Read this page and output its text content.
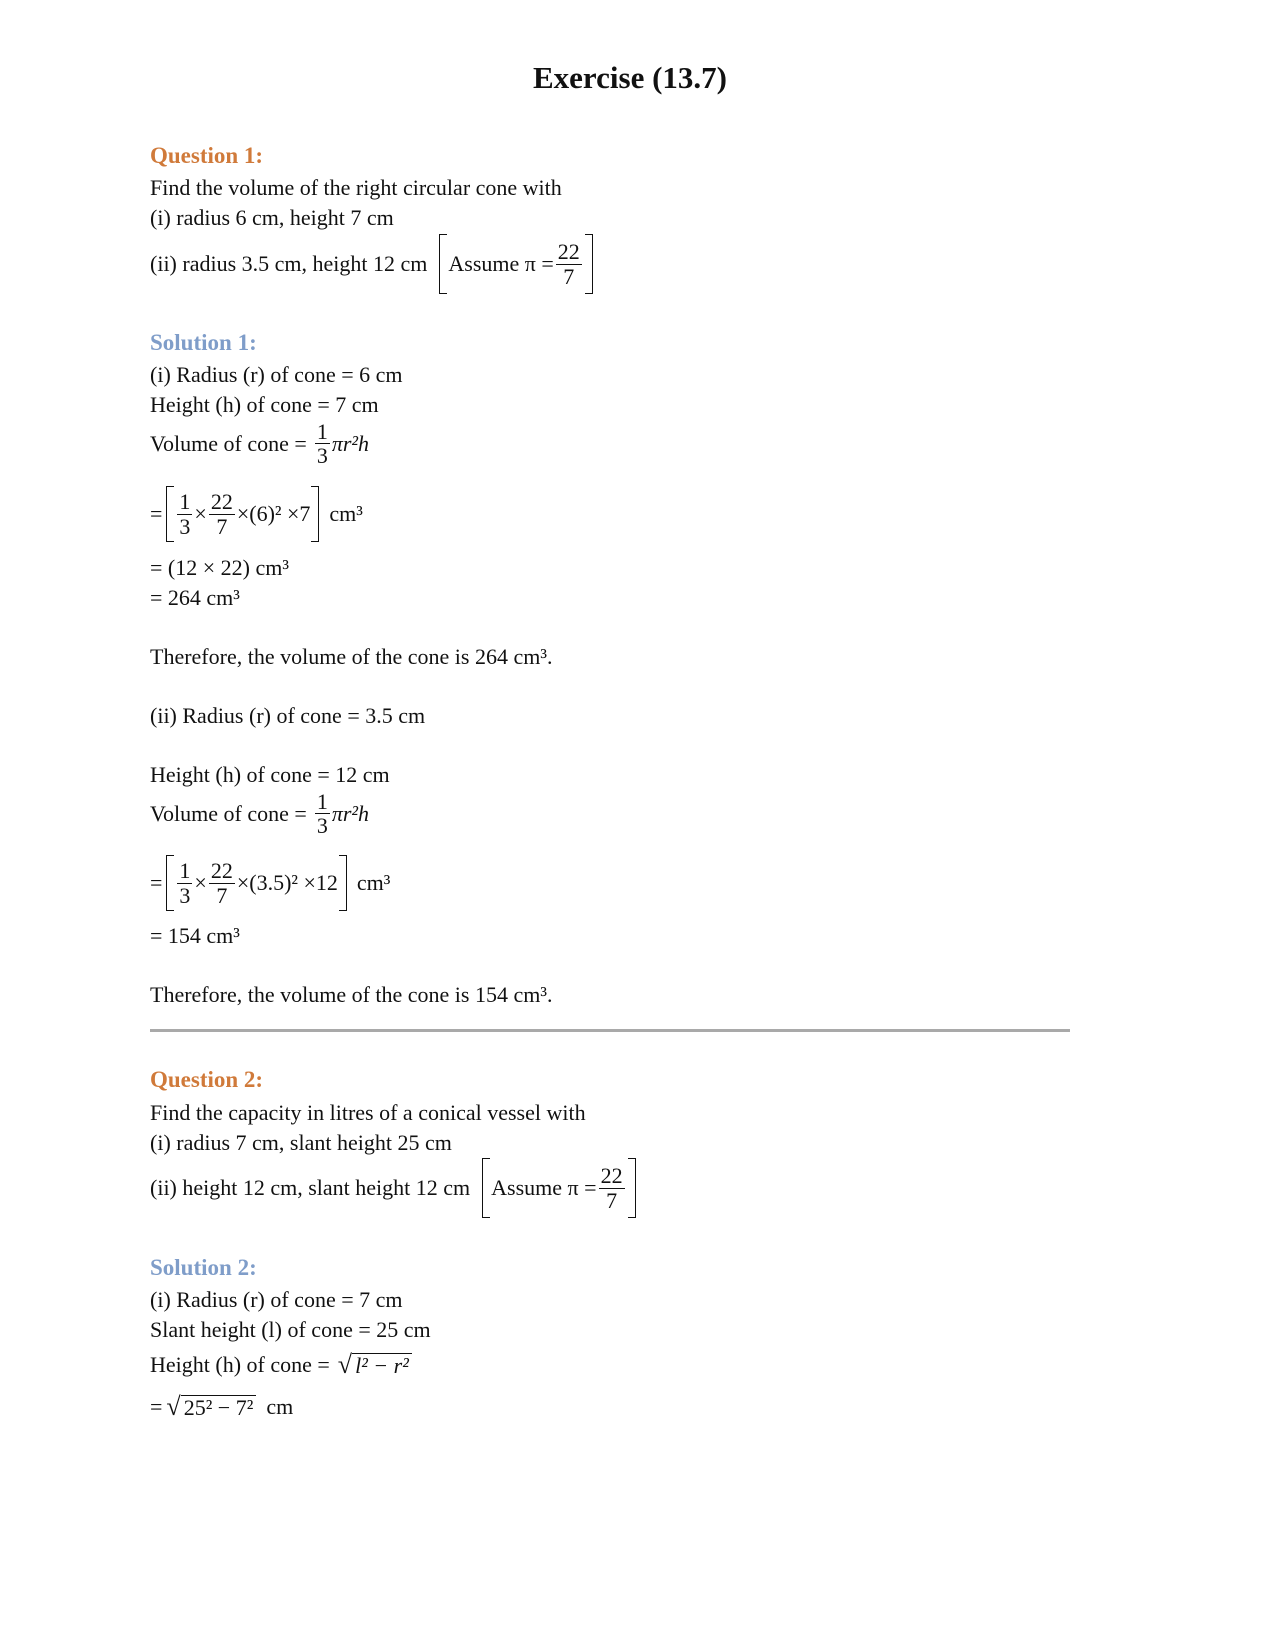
Exercise (13.7)
Question 1:
Find the volume of the right circular cone with
(i) radius 6 cm, height 7 cm
(ii) radius 3.5 cm, height 12 cm Assume $\pi = \frac{22}{7}$
Solution 1:
(i) Radius (r) of cone = 6 cm
Height (h) of cone = 7 cm
Volume of cone = $\frac{1}{3} \pi r^2h$
= $\frac{1}{3} \times \frac{22}{7} \times(6)^2 \times 7$ cm³
= (12 × 22) cm³
= 264 cm³
Therefore, the volume of the cone is 264 cm³.
(ii) Radius (r) of cone = 3.5 cm
Height (h) of cone = 12 cm
Volume of cone = $\frac{1}{3} \pi r^2h$
= $\frac{1}{3} \times \frac{22}{7} \times(3.5)^2 \times 12$ cm³
= 154 cm³
Therefore, the volume of the cone is 154 cm³.
Question 2:
Find the capacity in litres of a conical vessel with
(i) radius 7 cm, slant height 25 cm
(ii) height 12 cm, slant height 12 cm Assume $\pi = \frac{22}{7}$
Solution 2:
(i) Radius (r) of cone = 7 cm
Slant height (l) of cone = 25 cm
Height (h) of cone = √ l² − r²
= √ 25² − 7² cm
